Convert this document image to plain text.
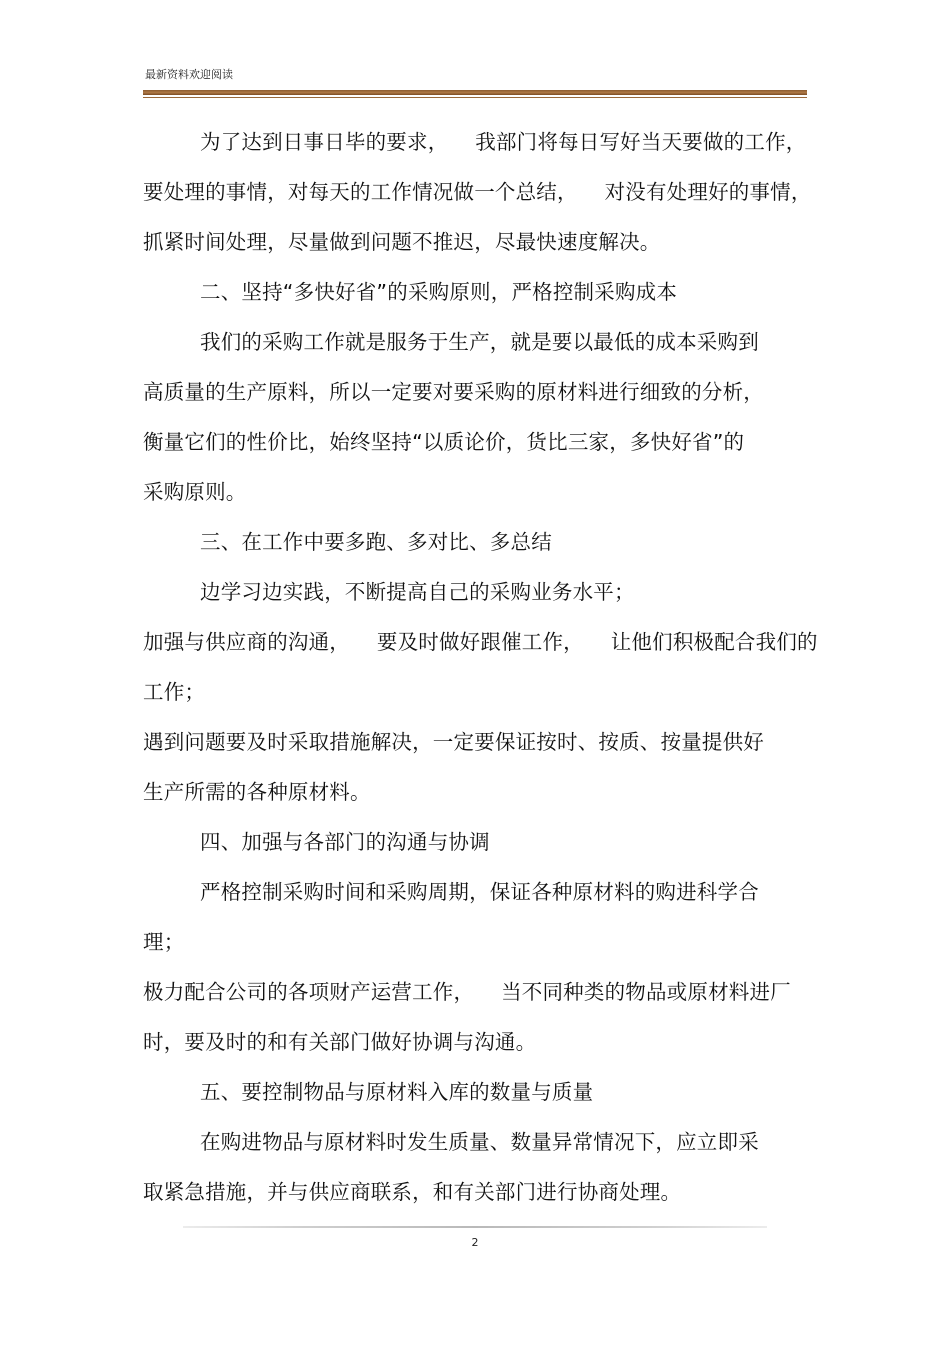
最新资料欢迎阅读
为了达到日事日毕的要求，    我部门将每日写好当天要做的工作，
要处理的事情，对每天的工作情况做一个总结，    对没有处理好的事情，
抓紧时间处理，尽量做到问题不推迟，尽最快速度解决。
二、坚持“多快好省”的采购原则，严格控制采购成本
我们的采购工作就是服务于生产，就是要以最低的成本采购到
高质量的生产原料，所以一定要对要采购的原材料进行细致的分析，
衡量它们的性价比，始终坚持“以质论价，货比三家，多快好省”的
采购原则。
三、在工作中要多跑、多对比、多总结
边学习边实践，不断提高自己的采购业务水平；
加强与供应商的沟通，    要及时做好跟催工作，    让他们积极配合我们的
工作；
遇到问题要及时采取措施解决，一定要保证按时、按质、按量提供好
生产所需的各种原材料。
四、加强与各部门的沟通与协调
严格控制采购时间和采购周期，保证各种原材料的购进科学合
理；
极力配合公司的各项财产运营工作，    当不同种类的物品或原材料进厂
时，要及时的和有关部门做好协调与沟通。
五、要控制物品与原材料入库的数量与质量
在购进物品与原材料时发生质量、数量异常情况下，应立即采
取紧急措施，并与供应商联系，和有关部门进行协商处理。
2
